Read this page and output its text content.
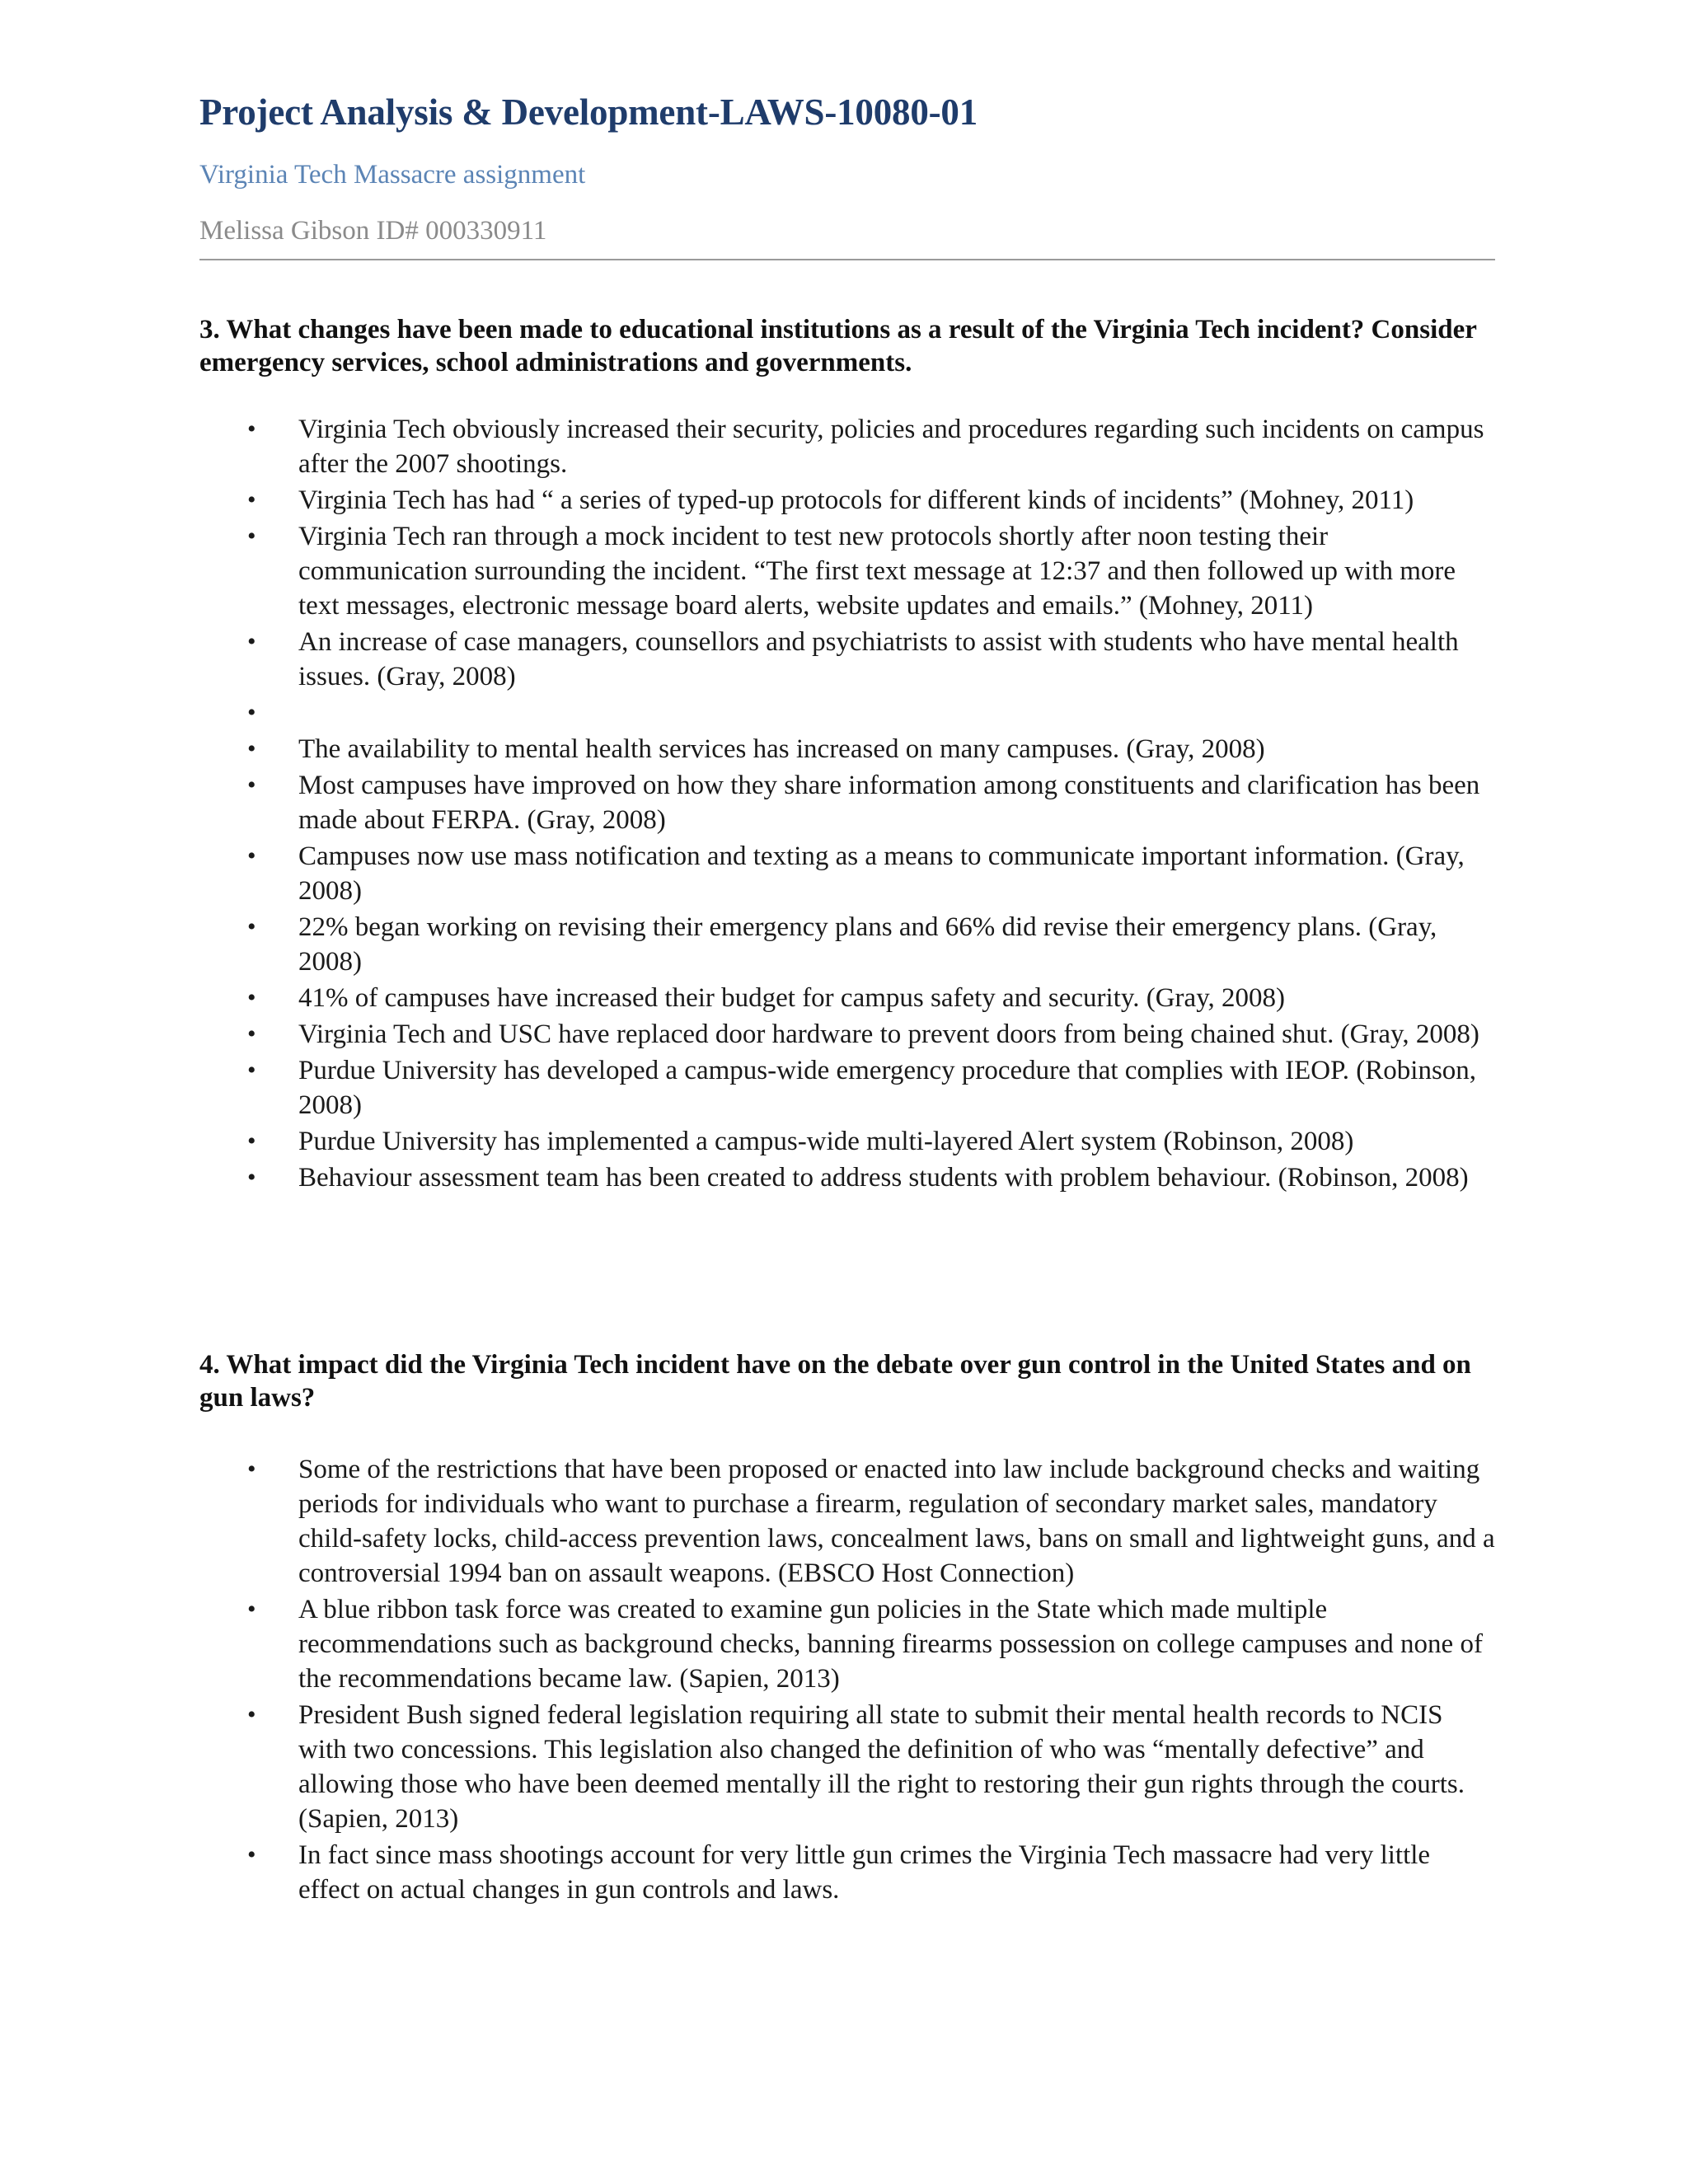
Project Analysis & Development-LAWS-10080-01
Virginia Tech Massacre assignment
Melissa Gibson ID# 000330911
3. What changes have been made to educational institutions as a result of the Virginia Tech incident? Consider emergency services, school administrations and governments.
•	Virginia Tech obviously increased their security, policies and procedures regarding such incidents on campus after the 2007 shootings.
•	Virginia Tech has had “ a series of typed-up protocols for different kinds of incidents” (Mohney, 2011)
•	Virginia Tech ran through a mock incident to test new protocols shortly after noon testing their communication surrounding the incident. “The first text message at 12:37 and then followed up with more text messages, electronic message board alerts, website updates and emails.” (Mohney, 2011)
•	An increase of case managers, counsellors and psychiatrists to assist with students who have mental health issues. (Gray, 2008)
•
•	The availability to mental health services has increased on many campuses. (Gray, 2008)
•	Most campuses have improved on how they share information among constituents and clarification has been made about FERPA. (Gray, 2008)
•	Campuses now use mass notification and texting as a means to communicate important information. (Gray, 2008)
•	22% began working on revising their emergency plans and 66% did revise their emergency plans. (Gray, 2008)
•	41% of campuses have increased their budget for campus safety and security. (Gray, 2008)
•	Virginia Tech and USC have replaced door hardware to prevent doors from being chained shut. (Gray, 2008)
•	Purdue University has developed a campus-wide emergency procedure that complies with IEOP. (Robinson, 2008)
•	Purdue University has implemented a campus-wide multi-layered Alert system (Robinson, 2008)
•	Behaviour assessment team has been created to address students with problem behaviour. (Robinson, 2008)
4. What impact did the Virginia Tech incident have on the debate over gun control in the United States and on gun laws?
•	Some of the restrictions that have been proposed or enacted into law include background checks and waiting periods for individuals who want to purchase a firearm, regulation of secondary market sales, mandatory child-safety locks, child-access prevention laws, concealment laws, bans on small and lightweight guns, and a controversial 1994 ban on assault weapons. (EBSCO Host Connection)
•	A blue ribbon task force was created to examine gun policies in the State which made multiple recommendations such as background checks, banning firearms possession on college campuses and none of the recommendations became law. (Sapien, 2013)
•	President Bush signed federal legislation requiring all state to submit their mental health records to NCIS with two concessions. This legislation also changed the definition of who was “mentally defective” and allowing those who have been deemed mentally ill the right to restoring their gun rights through the courts. (Sapien, 2013)
•	In fact since mass shootings account for very little gun crimes the Virginia Tech massacre had very little effect on actual changes in gun controls and laws.
